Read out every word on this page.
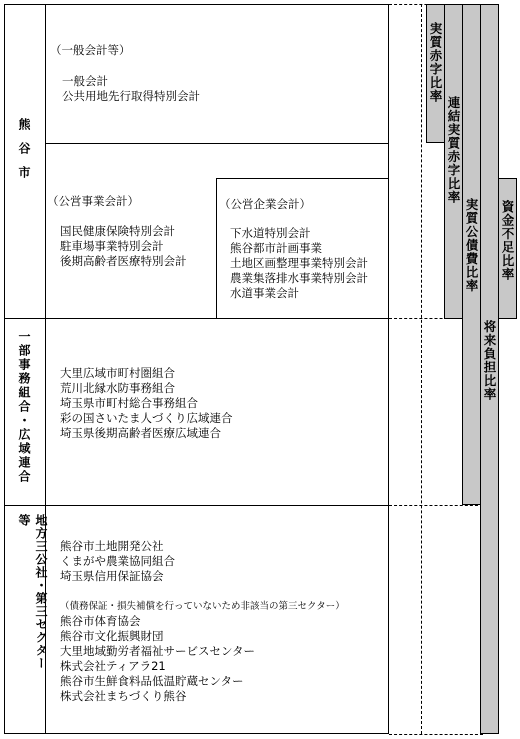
熊谷市
一部事務組合・広域連合
地方三公社・第三セクター等
（一般会計等）
一般会計
公共用地先行取得特別会計
（公営事業会計）
国民健康保険特別会計
駐車場事業特別会計
後期高齢者医療特別会計
（公営企業会計）
下水道特別会計
熊谷都市計画事業
土地区画整理事業特別会計
農業集落排水事業特別会計
水道事業会計
大里広域市町村圏組合
荒川北縁水防事務組合
埼玉県市町村総合事務組合
彩の国さいたま人づくり広域連合
埼玉県後期高齢者医療広域連合
熊谷市土地開発公社
くまがや農業協同組合
埼玉県信用保証協会
（債務保証・損失補償を行っていないため非該当の第三セクター）
熊谷市体育協会
熊谷市文化振興財団
大里地域勤労者福祉サービスセンター
株式会社ティアラ21
熊谷市生鮮食料品低温貯蔵センター
株式会社まちづくり熊谷
実質赤字比率
連結実質赤字比率
実質公債費比率
将来負担比率
資金不足比率
